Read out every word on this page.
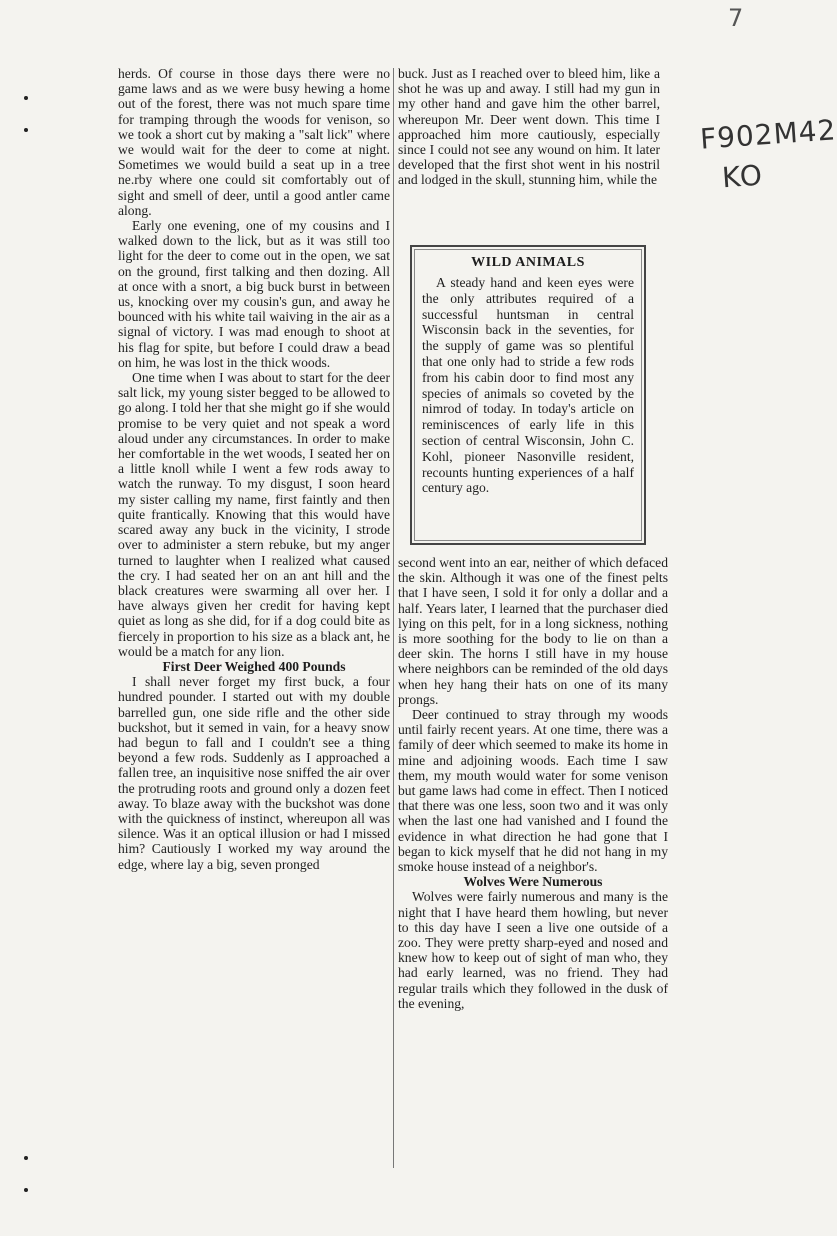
7
F902M42
KO

herds. Of course in those days there were no game laws and as we were busy hewing a home out of the forest, there was not much spare time for tramping through the woods for venison, so we took a short cut by making a "salt lick" where we would wait for the deer to come at night. Sometimes we would build a seat up in a tree ne.rby where one could sit comfortably out of sight and smell of deer, until a good antler came along.

Early one evening, one of my cousins and I walked down to the lick, but as it was still too light for the deer to come out in the open, we sat on the ground, first talking and then dozing. All at once with a snort, a big buck burst in between us, knocking over my cousin's gun, and away he bounced with his white tail waiving in the air as a signal of victory. I was mad enough to shoot at his flag for spite, but before I could draw a bead on him, he was lost in the thick woods.

One time when I was about to start for the deer salt lick, my young sister begged to be allowed to go along. I told her that she might go if she would promise to be very quiet and not speak a word aloud under any circumstances. In order to make her comfortable in the wet woods, I seated her on a little knoll while I went a few rods away to watch the runway. To my disgust, I soon heard my sister calling my name, first faintly and then quite frantically. Knowing that this would have scared away any buck in the vicinity, I strode over to administer a stern rebuke, but my anger turned to laughter when I realized what caused the cry. I had seated her on an ant hill and the black creatures were swarming all over her. I have always given her credit for having kept quiet as long as she did, for if a dog could bite as fiercely in proportion to his size as a black ant, he would be a match for any lion.

First Deer Weighed 400 Pounds

I shall never forget my first buck, a four hundred pounder. I started out with my double barrelled gun, one side rifle and the other side buckshot, but it semed in vain, for a heavy snow had begun to fall and I couldn't see a thing beyond a few rods. Suddenly as I approached a fallen tree, an inquisitive nose sniffed the air over the protruding roots and ground only a dozen feet away. To blaze away with the buckshot was done with the quickness of instinct, whereupon all was silence. Was it an optical illusion or had I missed him? Cautiously I worked my way around the edge, where lay a big, seven pronged

buck. Just as I reached over to bleed him, like a shot he was up and away. I still had my gun in my other hand and gave him the other barrel, whereupon Mr. Deer went down. This time I approached him more cautiously, especially since I could not see any wound on him. It later developed that the first shot went in his nostril and lodged in the skull, stunning him, while the

WILD ANIMALS

A steady hand and keen eyes were the only attributes required of a successful huntsman in central Wisconsin back in the seventies, for the supply of game was so plentiful that one only had to stride a few rods from his cabin door to find most any species of animals so coveted by the nimrod of today. In today's article on reminiscences of early life in this section of central Wisconsin, John C. Kohl, pioneer Nasonville resident, recounts hunting experiences of a half century ago.

second went into an ear, neither of which defaced the skin. Although it was one of the finest pelts that I have seen, I sold it for only a dollar and a half. Years later, I learned that the purchaser died lying on this pelt, for in a long sickness, nothing is more soothing for the body to lie on than a deer skin. The horns I still have in my house where neighbors can be reminded of the old days when hey hang their hats on one of its many prongs.

Deer continued to stray through my woods until fairly recent years. At one time, there was a family of deer which seemed to make its home in mine and adjoining woods. Each time I saw them, my mouth would water for some venison but game laws had come in effect. Then I noticed that there was one less, soon two and it was only when the last one had vanished and I found the evidence in what direction he had gone that I began to kick myself that he did not hang in my smoke house instead of a neighbor's.

Wolves Were Numerous

Wolves were fairly numerous and many is the night that I have heard them howling, but never to this day have I seen a live one outside of a zoo. They were pretty sharp-eyed and nosed and knew how to keep out of sight of man who, they had early learned, was no friend. They had regular trails which they followed in the dusk of the evening,
